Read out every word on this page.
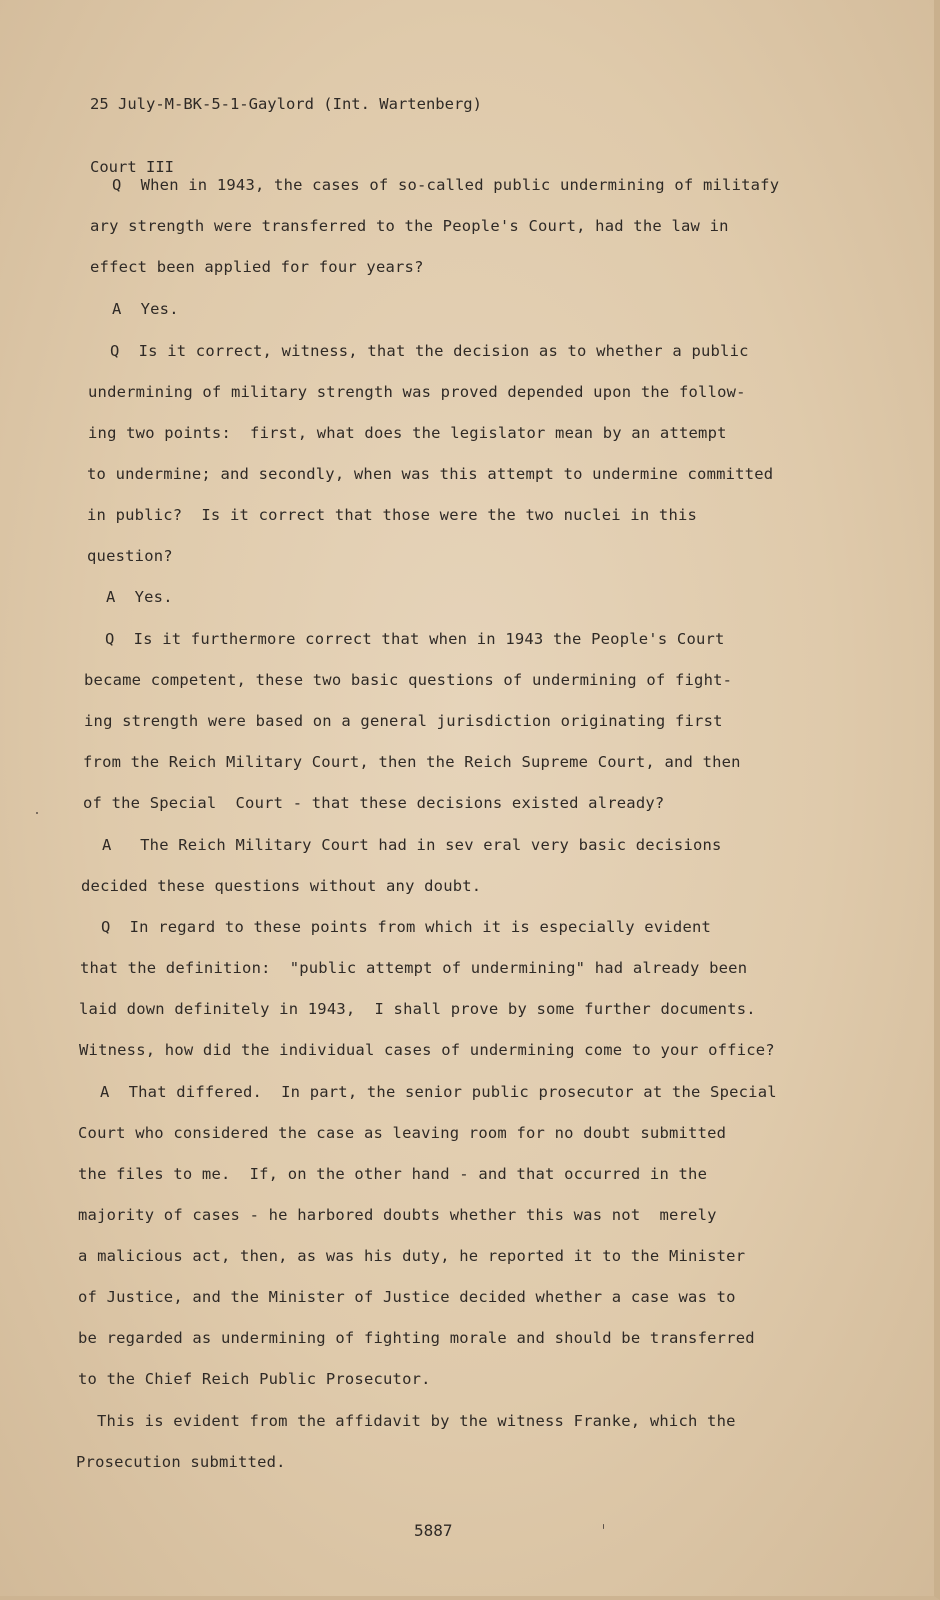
25 July-M-BK-5-1-Gaylord (Int. Wartenberg)

Court III

Q  When in 1943, the cases of so-called public undermining of militafy
ary strength were transferred to the People's Court, had the law in
effect been applied for four years?
A  Yes.
Q  Is it correct, witness, that the decision as to whether a public
undermining of military strength was proved depended upon the follow-
ing two points:  first, what does the legislator mean by an attempt
to undermine; and secondly, when was this attempt to undermine committed
in public?  Is it correct that those were the two nuclei in this
question?
A  Yes.
Q  Is it furthermore correct that when in 1943 the People's Court
became competent, these two basic questions of undermining of fight-
ing strength were based on a general jurisdiction originating first
from the Reich Military Court, then the Reich Supreme Court, and then
of the Special  Court - that these decisions existed already?
A   The Reich Military Court had in sev eral very basic decisions
decided these questions without any doubt.
Q  In regard to these points from which it is especially evident
that the definition:  "public attempt of undermining" had already been
laid down definitely in 1943,  I shall prove by some further documents.
Witness, how did the individual cases of undermining come to your office?
A  That differed.  In part, the senior public prosecutor at the Special
Court who considered the case as leaving room for no doubt submitted
the files to me.  If, on the other hand - and that occurred in the
majority of cases - he harbored doubts whether this was not  merely
a malicious act, then, as was his duty, he reported it to the Minister
of Justice, and the Minister of Justice decided whether a case was to
be regarded as undermining of fighting morale and should be transferred
to the Chief Reich Public Prosecutor.
This is evident from the affidavit by the witness Franke, which the
Prosecution submitted.
5887
